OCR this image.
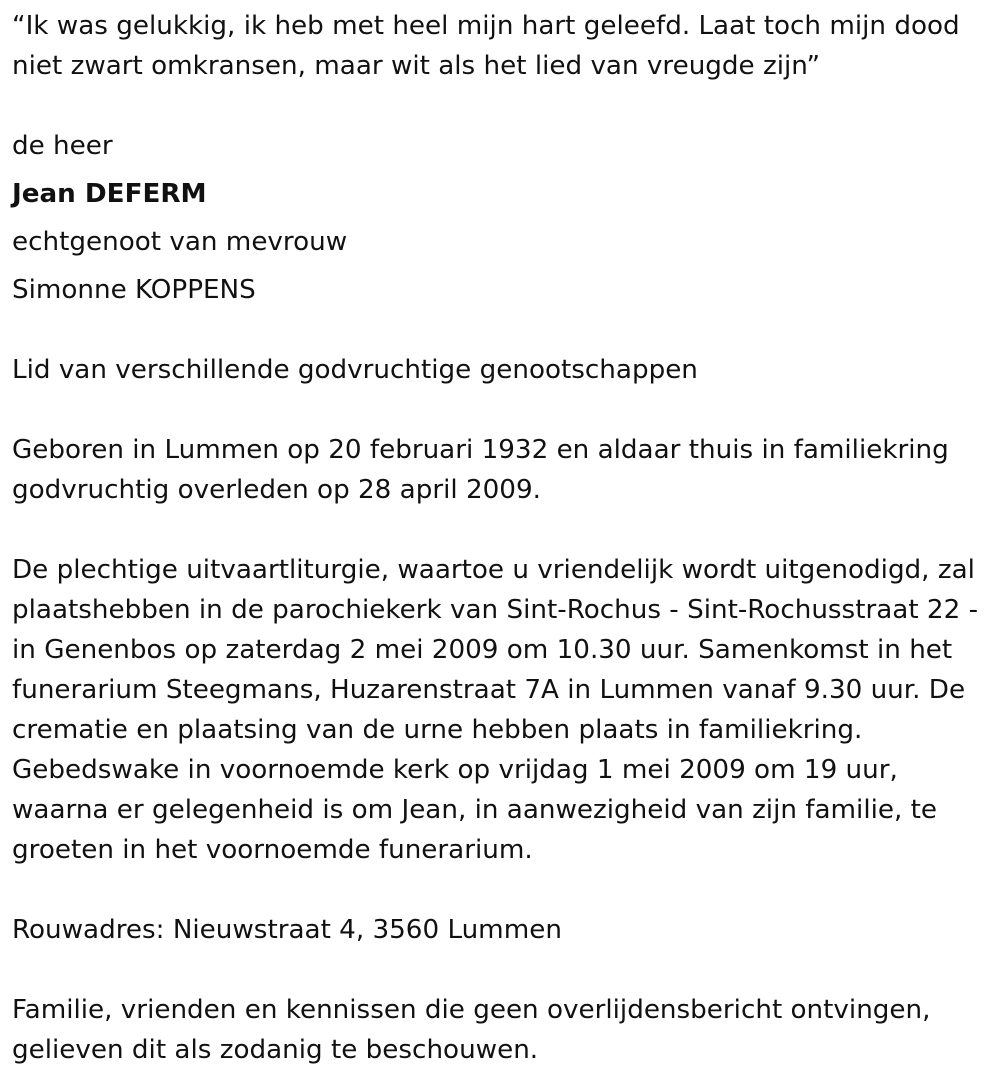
“Ik was gelukkig, ik heb met heel mijn hart geleefd. Laat toch mijn dood

niet zwart omkransen, maar wit als het lied van vreugde zijn”

de heer

Jean DEFERM

echtgenoot van mevrouw

Simonne KOPPENS

Lid van verschillende godvruchtige genootschappen

Geboren in Lummen op 20 februari 1932 en aldaar thuis in familiekring

godvruchtig overleden op 28 april 2009.

De plechtige uitvaartliturgie, waartoe u vriendelijk wordt uitgenodigd, zal

plaatshebben in de parochiekerk van Sint-Rochus - Sint-Rochusstraat 22 -

in Genenbos op zaterdag 2 mei 2009 om 10.30 uur. Samenkomst in het

funerarium Steegmans, Huzarenstraat 7A in Lummen vanaf 9.30 uur. De

crematie en plaatsing van de urne hebben plaats in familiekring.

Gebedswake in voornoemde kerk op vrijdag 1 mei 2009 om 19 uur,

waarna er gelegenheid is om Jean, in aanwezigheid van zijn familie, te

groeten in het voornoemde funerarium.

Rouwadres: Nieuwstraat 4, 3560 Lummen

Familie, vrienden en kennissen die geen overlijdensbericht ontvingen,

gelieven dit als zodanig te beschouwen.
